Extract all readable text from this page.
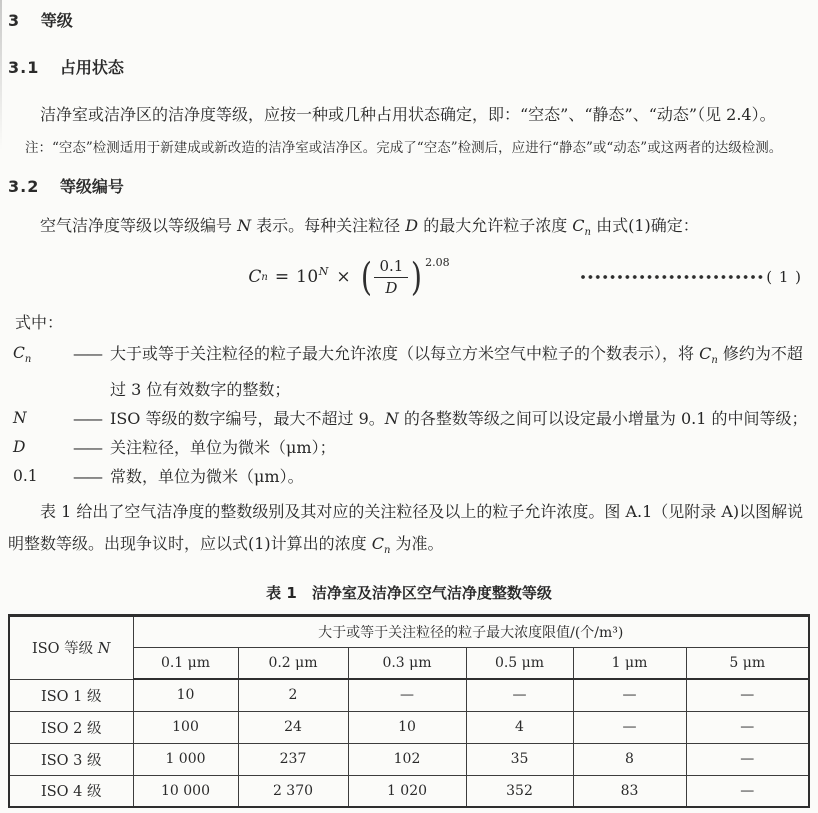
3 等级
3.1 占用状态

洁净室或洁净区的洁净度等级，应按一种或几种占用状态确定，即：“空态”、“静态”、“动态”（见 2.4）。

注：“空态”检测适用于新建成或新改造的洁净室或洁净区。完成了“空态”检测后，应进行“静态”或“动态”或这两者的达级检测。

3.2 等级编号

空气洁净度等级以等级编号 N 表示。每种关注粒径 D 的最大允许粒子浓度 $C_n$ 由式(1)确定：

C $n = 10^N$ × ( $\frac{0.1}{D}$ ) $^{2.08}$
( 1 )

式中：

$C_n$	—— 大于或等于关注粒径的粒子最大允许浓度（以每立方米空气中粒子的个数表示），将 $C_n$ 修约为不超过 3 位有效数字的整数；
N	—— ISO 等级的数字编号，最大不超过 9。N 的各整数等级之间可以设定最小增量为 0.1 的中间等级；
D	—— 关注粒径，单位为微米（μm）；
0.1	—— 常数，单位为微米（μm）。

表 1 给出了空气洁净度的整数级别及其对应的关注粒径及以上的粒子允许浓度。图 A.1（见附录 A)以图解说明整数等级。出现争议时，应以式(1)计算出的浓度 $C_n$ 为准。

表 1 洁净室及洁净区空气洁净度整数等级

ISO 等级 N	大于或等于关注粒径的粒子最大浓度限值/(个/m³)					
	0.1 μm	0.2 μm	0.3 μm	0.5 μm	1 μm	5 μm
ISO 1 级	10	2	—	—	—	—
ISO 2 级	100	24	10	4	—	—
ISO 3 级	1 000	237	102	35	8	—
ISO 4 级	10 000	2 370	1 020	352	83	—
